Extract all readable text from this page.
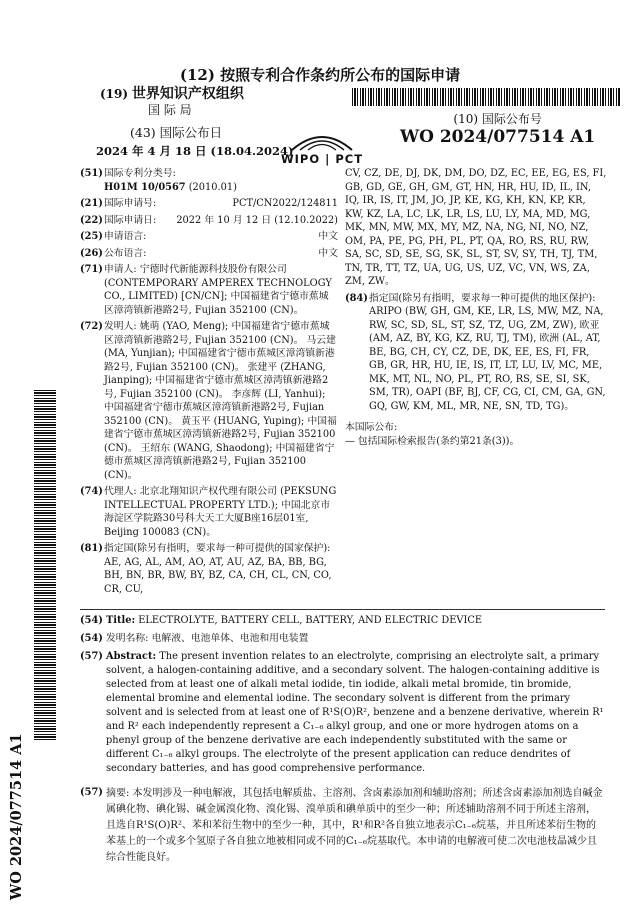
(12) 按照专利合作条约所公布的国际申请
(19) 世界知识产权组织
国 际 局
(43) 国际公布日
2024 年 4 月 18 日 (18.04.2024)
WIPO | PCT
(10) 国际公布号
WO 2024/077514 A1
WO 2024/077514 A1
(51) 国际专利分类号:
H01M 10/0567 (2010.01)
(21) 国际申请号:	PCT/CN2022/124811
(22) 国际申请日: 2022 年 10 月 12 日 (12.10.2022)
(25) 申请语言:	中文
(26) 公布语言:	中文
(71) 申请人: 宁德时代新能源科技股份有限公司 (CONTEMPORARY AMPEREX TECHNOLOGY CO., LIMITED) [CN/CN]; 中国福建省宁德市蕉城区漳湾镇新港路2号, Fujian 352100 (CN)。
(72) 发明人: 姚萌 (YAO, Meng); 中国福建省宁德市蕉城区漳湾镇新港路2号, Fujian 352100 (CN)。 马云建 (MA, Yunjian); 中国福建省宁德市蕉城区漳湾镇新港路2号, Fujian 352100 (CN)。 张建平 (ZHANG, Jianping); 中国福建省宁德市蕉城区漳湾镇新港路2号, Fujian 352100 (CN)。 李彦辉 (LI, Yanhui); 中国福建省宁德市蕉城区漳湾镇新港路2号, Fujian 352100 (CN)。 黄玉平 (HUANG, Yuping); 中国福建省宁德市蕉城区漳湾镇新港路2号, Fujian 352100 (CN)。 王绍东 (WANG, Shaodong); 中国福建省宁德市蕉城区漳湾镇新港路2号, Fujian 352100 (CN)。
(74) 代理人: 北京北翔知识产权代理有限公司 (PEKSUNG INTELLECTUAL PROPERTY LTD.); 中国北京市海淀区学院路30号科大天工大厦B座16层01室, Beijing 100083 (CN)。
(81) 指定国(除另有指明，要求每一种可提供的国家保护): AE, AG, AL, AM, AO, AT, AU, AZ, BA, BB, BG, BH, BN, BR, BW, BY, BZ, CA, CH, CL, CN, CO, CR, CU,
CV, CZ, DE, DJ, DK, DM, DO, DZ, EC, EE, EG, ES, FI, GB, GD, GE, GH, GM, GT, HN, HR, HU, ID, IL, IN, IQ, IR, IS, IT, JM, JO, JP, KE, KG, KH, KN, KP, KR, KW, KZ, LA, LC, LK, LR, LS, LU, LY, MA, MD, MG, MK, MN, MW, MX, MY, MZ, NA, NG, NI, NO, NZ, OM, PA, PE, PG, PH, PL, PT, QA, RO, RS, RU, RW, SA, SC, SD, SE, SG, SK, SL, ST, SV, SY, TH, TJ, TM, TN, TR, TT, TZ, UA, UG, US, UZ, VC, VN, WS, ZA, ZM, ZW。
(84) 指定国(除另有指明，要求每一种可提供的地区保护): ARIPO (BW, GH, GM, KE, LR, LS, MW, MZ, NA, RW, SC, SD, SL, ST, SZ, TZ, UG, ZM, ZW), 欧亚 (AM, AZ, BY, KG, KZ, RU, TJ, TM), 欧洲 (AL, AT, BE, BG, CH, CY, CZ, DE, DK, EE, ES, FI, FR, GB, GR, HR, HU, IE, IS, IT, LT, LU, LV, MC, ME, MK, MT, NL, NO, PL, PT, RO, RS, SE, SI, SK, SM, TR), OAPI (BF, BJ, CF, CG, CI, CM, GA, GN, GQ, GW, KM, ML, MR, NE, SN, TD, TG)。
本国际公布:
— 包括国际检索报告(条约第21条(3))。
(54) Title: ELECTROLYTE, BATTERY CELL, BATTERY, AND ELECTRIC DEVICE
(54) 发明名称: 电解液、电池单体、电池和用电装置
(57) Abstract: The present invention relates to an electrolyte, comprising an electrolyte salt, a primary solvent, a halogen-containing additive, and a secondary solvent. The halogen-containing additive is selected from at least one of alkali metal iodide, tin iodide, alkali metal bromide, tin bromide, elemental bromine and elemental iodine. The secondary solvent is different from the primary solvent and is selected from at least one of R¹S(O)R², benzene and a benzene derivative, wherein R¹ and R² each independently represent a C₁₋₆ alkyl group, and one or more hydrogen atoms on a phenyl group of the benzene derivative are each independently substituted with the same or different C₁₋₆ alkyl groups. The electrolyte of the present application can reduce dendrites of secondary batteries, and has good comprehensive performance.
(57) 摘要: 本发明涉及一种电解液，其包括电解质盐、主溶剂、含卤素添加剂和辅助溶剂；所述含卤素添加剂选自碱金属碘化物、碘化锡、碱金属溴化物、溴化锡、溴单质和碘单质中的至少一种；所述辅助溶剂不同于所述主溶剂，且选自R¹S(O)R²、苯和苯衍生物中的至少一种，其中，R¹和R²各自独立地表示C₁₋₆烷基，并且所述苯衍生物的苯基上的一个或多个氢原子各自独立地被相同或不同的C₁₋₆烷基取代。本申请的电解液可使二次电池枝晶减少且综合性能良好。
